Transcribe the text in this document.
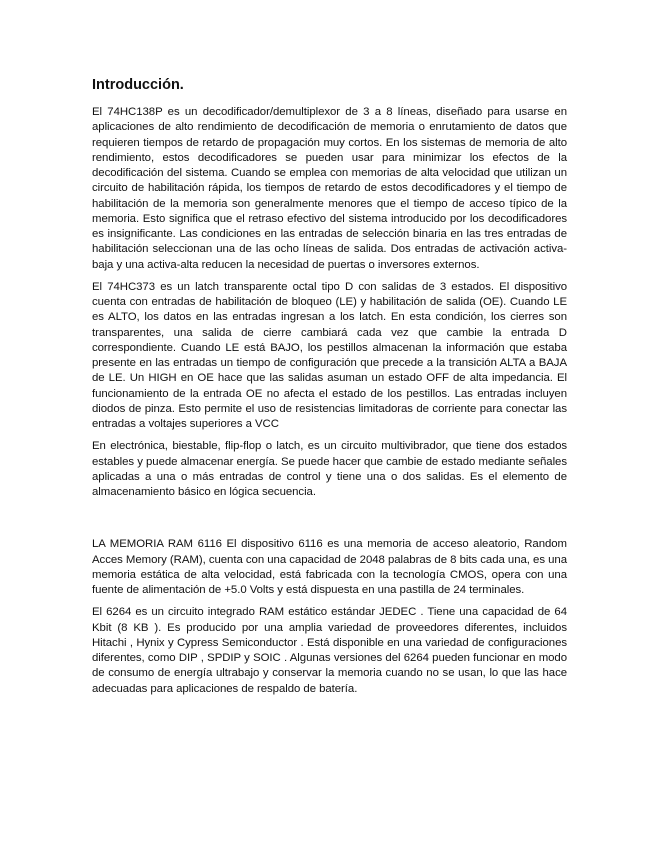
Introducción.

El 74HC138P es un decodificador/demultiplexor de 3 a 8 líneas, diseñado para usarse en aplicaciones de alto rendimiento de decodificación de memoria o enrutamiento de datos que requieren tiempos de retardo de propagación muy cortos. En los sistemas de memoria de alto rendimiento, estos decodificadores se pueden usar para minimizar los efectos de la decodificación del sistema. Cuando se emplea con memorias de alta velocidad que utilizan un circuito de habilitación rápida, los tiempos de retardo de estos decodificadores y el tiempo de habilitación de la memoria son generalmente menores que el tiempo de acceso típico de la memoria. Esto significa que el retraso efectivo del sistema introducido por los decodificadores es insignificante. Las condiciones en las entradas de selección binaria en las tres entradas de habilitación seleccionan una de las ocho líneas de salida. Dos entradas de activación activa-baja y una activa-alta reducen la necesidad de puertas o inversores externos.

El 74HC373 es un latch transparente octal tipo D con salidas de 3 estados. El dispositivo cuenta con entradas de habilitación de bloqueo (LE) y habilitación de salida (OE). Cuando LE es ALTO, los datos en las entradas ingresan a los latch. En esta condición, los cierres son transparentes, una salida de cierre cambiará cada vez que cambie la entrada D correspondiente. Cuando LE está BAJO, los pestillos almacenan la información que estaba presente en las entradas un tiempo de configuración que precede a la transición ALTA a BAJA de LE. Un HIGH en OE hace que las salidas asuman un estado OFF de alta impedancia. El funcionamiento de la entrada OE no afecta el estado de los pestillos. Las entradas incluyen diodos de pinza. Esto permite el uso de resistencias limitadoras de corriente para conectar las entradas a voltajes superiores a VCC

En electrónica, biestable, flip-flop o latch, es un circuito multivibrador, que tiene dos estados estables y puede almacenar energía. Se puede hacer que cambie de estado mediante señales aplicadas a una o más entradas de control y tiene una o dos salidas. Es el elemento de almacenamiento básico en lógica secuencia.

LA MEMORIA RAM 6116 El dispositivo 6116 es una memoria de acceso aleatorio, Random Acces Memory (RAM), cuenta con una capacidad de 2048 palabras de 8 bits cada una, es una memoria estática de alta velocidad, está fabricada con la tecnología CMOS, opera con una fuente de alimentación de +5.0 Volts y está dispuesta en una pastilla de 24 terminales.

El 6264 es un circuito integrado RAM estático estándar JEDEC . Tiene una capacidad de 64 Kbit (8 KB ). Es producido por una amplia variedad de proveedores diferentes, incluidos Hitachi , Hynix y Cypress Semiconductor . Está disponible en una variedad de configuraciones diferentes, como DIP , SPDIP y SOIC . Algunas versiones del 6264 pueden funcionar en modo de consumo de energía ultrabajo y conservar la memoria cuando no se usan, lo que las hace adecuadas para aplicaciones de respaldo de batería.
